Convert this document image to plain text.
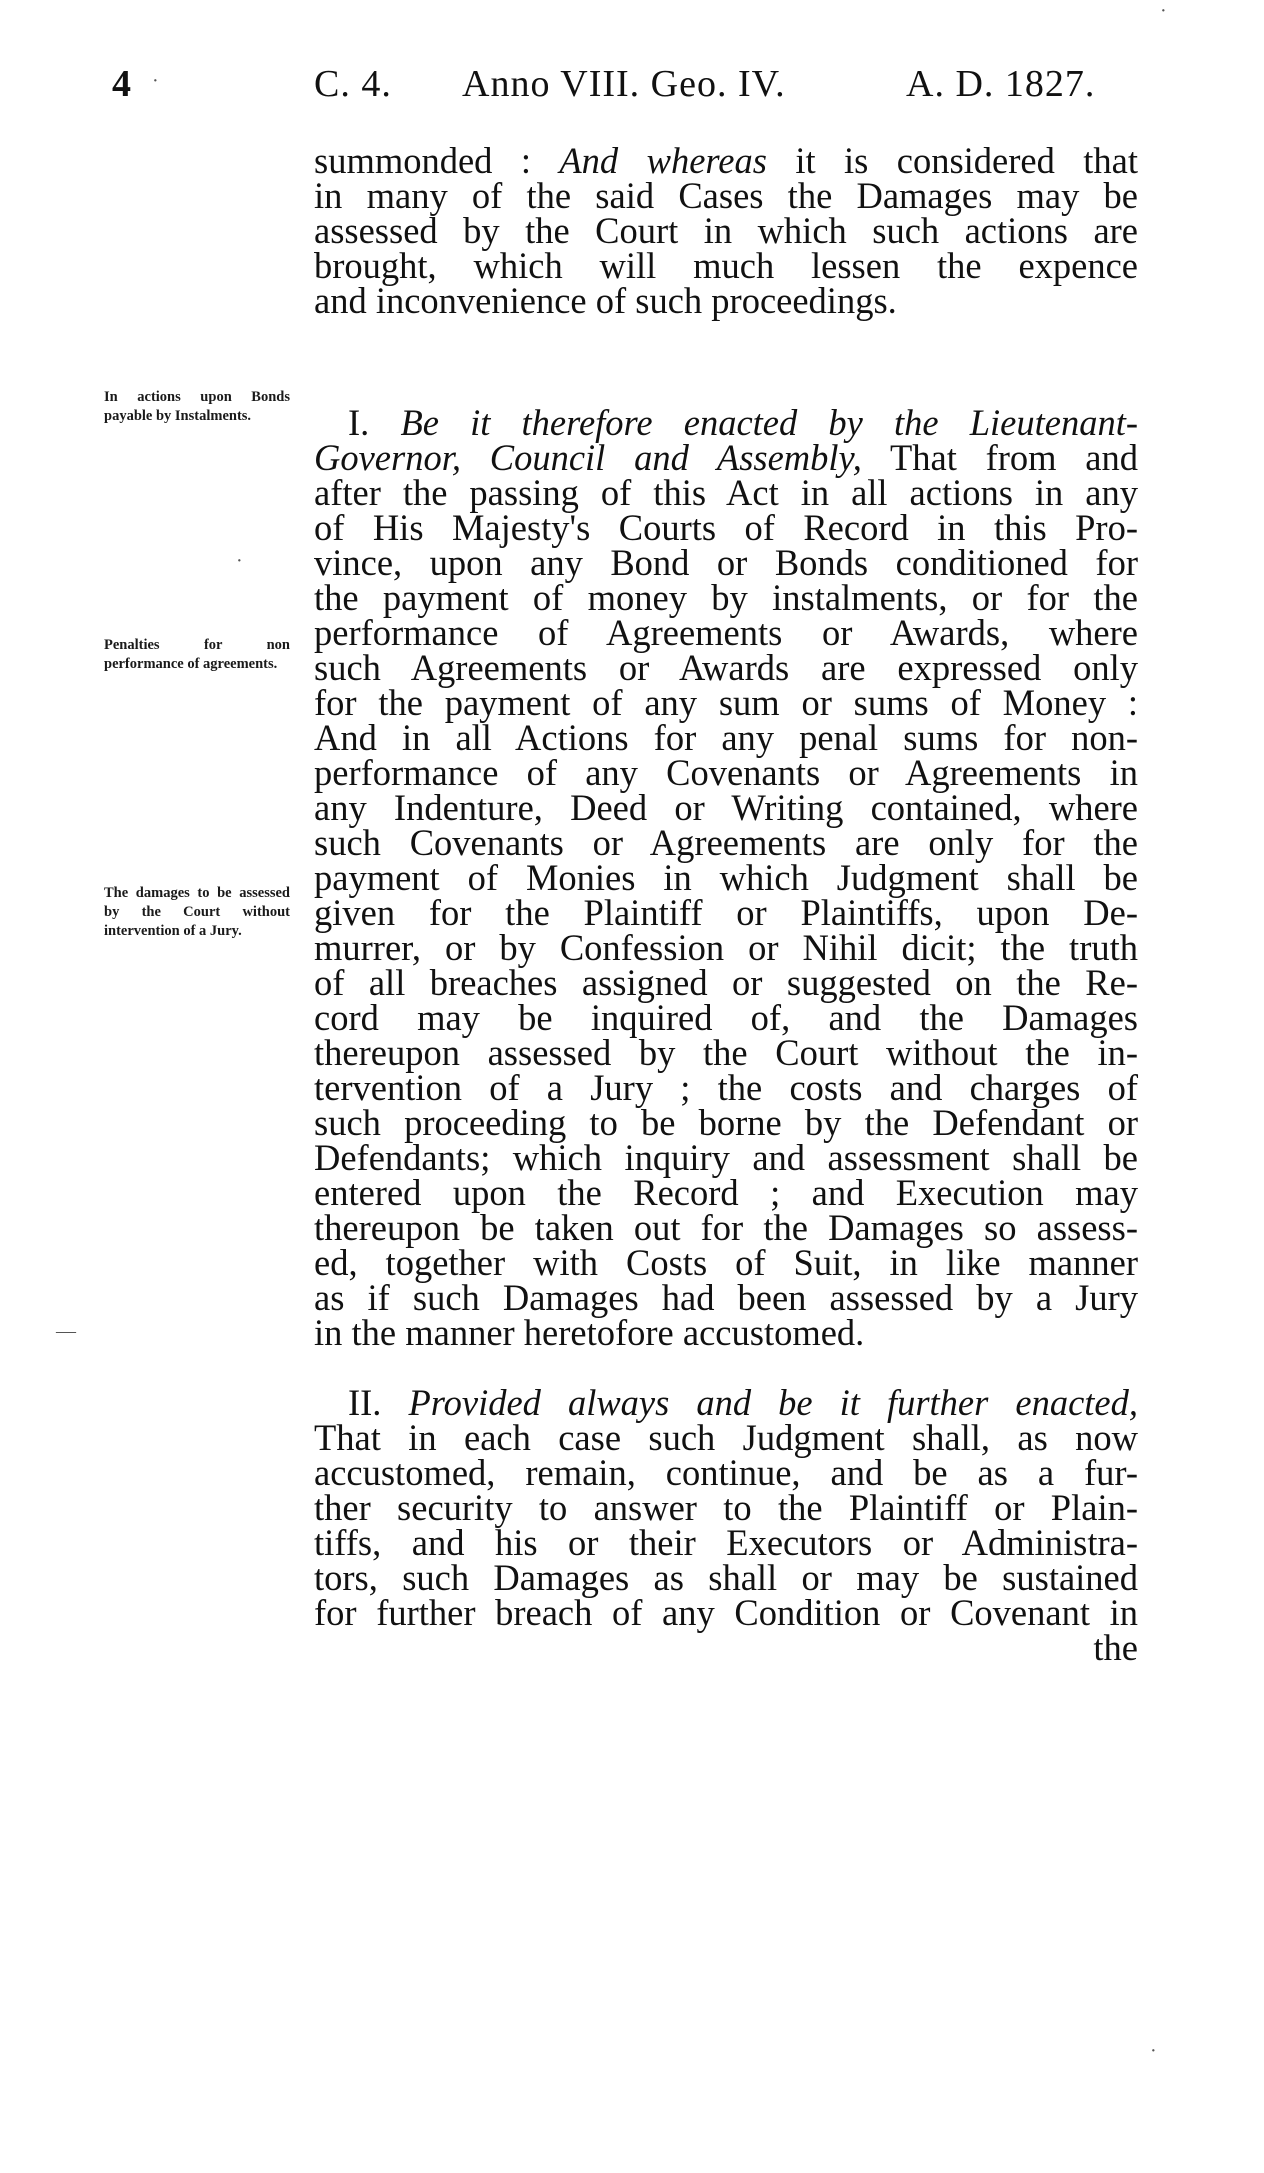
4	C. 4. Anno VIII. Geo. IV.	A. D. 1827.
summonded : And whereas it is considered that
in many of the said Cases the Damages may be
assessed by the Court in which such actions are
brought, which will much lessen the expence
and inconvenience of such proceedings.
I. Be it therefore enacted by the Lieutenant-
Governor, Council and Assembly, That from and
after the passing of this Act in all actions in any
of His Majesty's Courts of Record in this Pro-
vince, upon any Bond or Bonds conditioned for
the payment of money by instalments, or for the
performance of Agreements or Awards, where
such Agreements or Awards are expressed only
for the payment of any sum or sums of Money :
And in all Actions for any penal sums for non-
performance of any Covenants or Agreements in
any Indenture, Deed or Writing contained, where
such Covenants or Agreements are only for the
payment of Monies in which Judgment shall be
given for the Plaintiff or Plaintiffs, upon De-
murrer, or by Confession or Nihil dicit; the truth
of all breaches assigned or suggested on the Re-
cord may be inquired of, and the Damages
thereupon assessed by the Court without the in-
tervention of a Jury ; the costs and charges of
such proceeding to be borne by the Defendant or
Defendants; which inquiry and assessment shall be
entered upon the Record ; and Execution may
thereupon be taken out for the Damages so assess-
ed, together with Costs of Suit, in like manner
as if such Damages had been assessed by a Jury
in the manner heretofore accustomed.
II. Provided always and be it further enacted,
That in each case such Judgment shall, as now
accustomed, remain, continue, and be as a fur-
ther security to answer to the Plaintiff or Plain-
tiffs, and his or their Executors or Administra-
tors, such Damages as shall or may be sustained
for further breach of any Condition or Covenant in
the
In actions upon Bonds payable by Instalments.
Penalties for non performance of agreements.
The damages to be assessed by the Court without intervention of a Jury.
·
·
·
—
·
